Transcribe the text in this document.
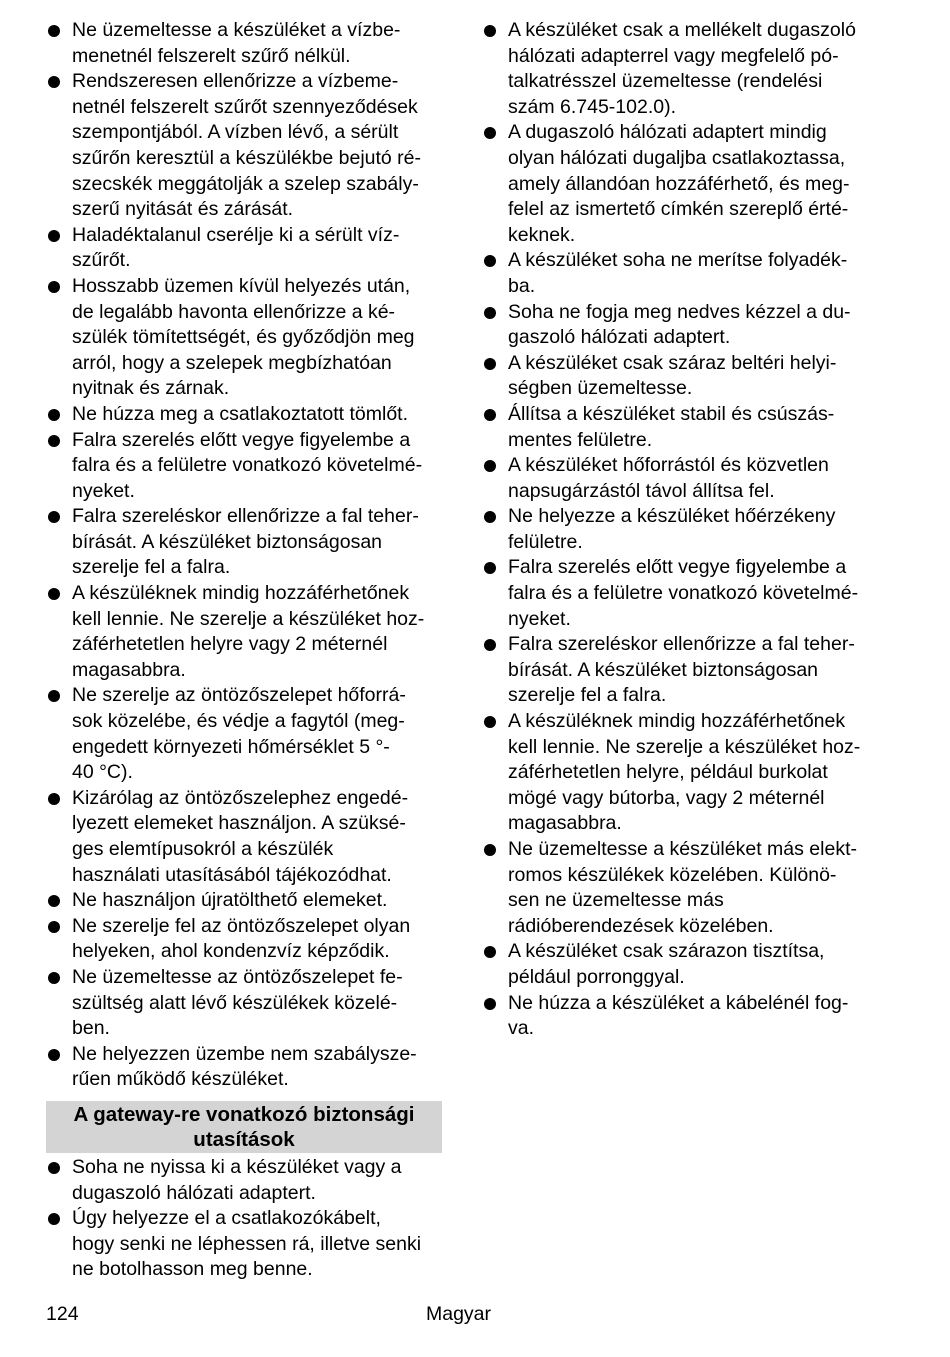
Ne üzemeltesse a készüléket a vízbe-
menetnél felszerelt szűrő nélkül.
Rendszeresen ellenőrizze a vízbeme-
netnél felszerelt szűrőt szennyeződések
szempontjából. A vízben lévő, a sérült
szűrőn keresztül a készülékbe bejutó ré-
szecskék meggátolják a szelep szabály-
szerű nyitását és zárását.
Haladéktalanul cserélje ki a sérült víz-
szűrőt.
Hosszabb üzemen kívül helyezés után,
de legalább havonta ellenőrizze a ké-
szülék tömítettségét, és győződjön meg
arról, hogy a szelepek megbízhatóan
nyitnak és zárnak.
Ne húzza meg a csatlakoztatott tömlőt.
Falra szerelés előtt vegye figyelembe a
falra és a felületre vonatkozó követelmé-
nyeket.
Falra szereléskor ellenőrizze a fal teher-
bírását. A készüléket biztonságosan
szerelje fel a falra.
A készüléknek mindig hozzáférhetőnek
kell lennie. Ne szerelje a készüléket hoz-
záférhetetlen helyre vagy 2 méternél
magasabbra.
Ne szerelje az öntözőszelepet hőforrá-
sok közelébe, és védje a fagytól (meg-
engedett környezeti hőmérséklet 5 °-
40 °C).
Kizárólag az öntözőszelephez engedé-
lyezett elemeket használjon. A szüksé-
ges elemtípusokról a készülék
használati utasításából tájékozódhat.
Ne használjon újratölthető elemeket.
Ne szerelje fel az öntözőszelepet olyan
helyeken, ahol kondenzvíz képződik.
Ne üzemeltesse az öntözőszelepet fe-
szültség alatt lévő készülékek közelé-
ben.
Ne helyezzen üzembe nem szabálysze-
rűen működő készüléket.
A gateway-re vonatkozó biztonsági
utasítások
Soha ne nyissa ki a készüléket vagy a
dugaszoló hálózati adaptert.
Úgy helyezze el a csatlakozókábelt,
hogy senki ne léphessen rá, illetve senki
ne botolhasson meg benne.
A készüléket csak a mellékelt dugaszoló
hálózati adapterrel vagy megfelelő pó-
talkatrésszel üzemeltesse (rendelési
szám 6.745-102.0).
A dugaszoló hálózati adaptert mindig
olyan hálózati dugaljba csatlakoztassa,
amely állandóan hozzáférhető, és meg-
felel az ismertető címkén szereplő érté-
keknek.
A készüléket soha ne merítse folyadék-
ba.
Soha ne fogja meg nedves kézzel a du-
gaszoló hálózati adaptert.
A készüléket csak száraz beltéri helyi-
ségben üzemeltesse.
Állítsa a készüléket stabil és csúszás-
mentes felületre.
A készüléket hőforrástól és közvetlen
napsugárzástól távol állítsa fel.
Ne helyezze a készüléket hőérzékeny
felületre.
Falra szerelés előtt vegye figyelembe a
falra és a felületre vonatkozó követelmé-
nyeket.
Falra szereléskor ellenőrizze a fal teher-
bírását. A készüléket biztonságosan
szerelje fel a falra.
A készüléknek mindig hozzáférhetőnek
kell lennie. Ne szerelje a készüléket hoz-
záférhetetlen helyre, például burkolat
mögé vagy bútorba, vagy 2 méternél
magasabbra.
Ne üzemeltesse a készüléket más elekt-
romos készülékek közelében. Különö-
sen ne üzemeltesse más
rádióberendezések közelében.
A készüléket csak szárazon tisztítsa,
például porronggyal.
Ne húzza a készüléket a kábelénél fog-
va.
124	Magyar
